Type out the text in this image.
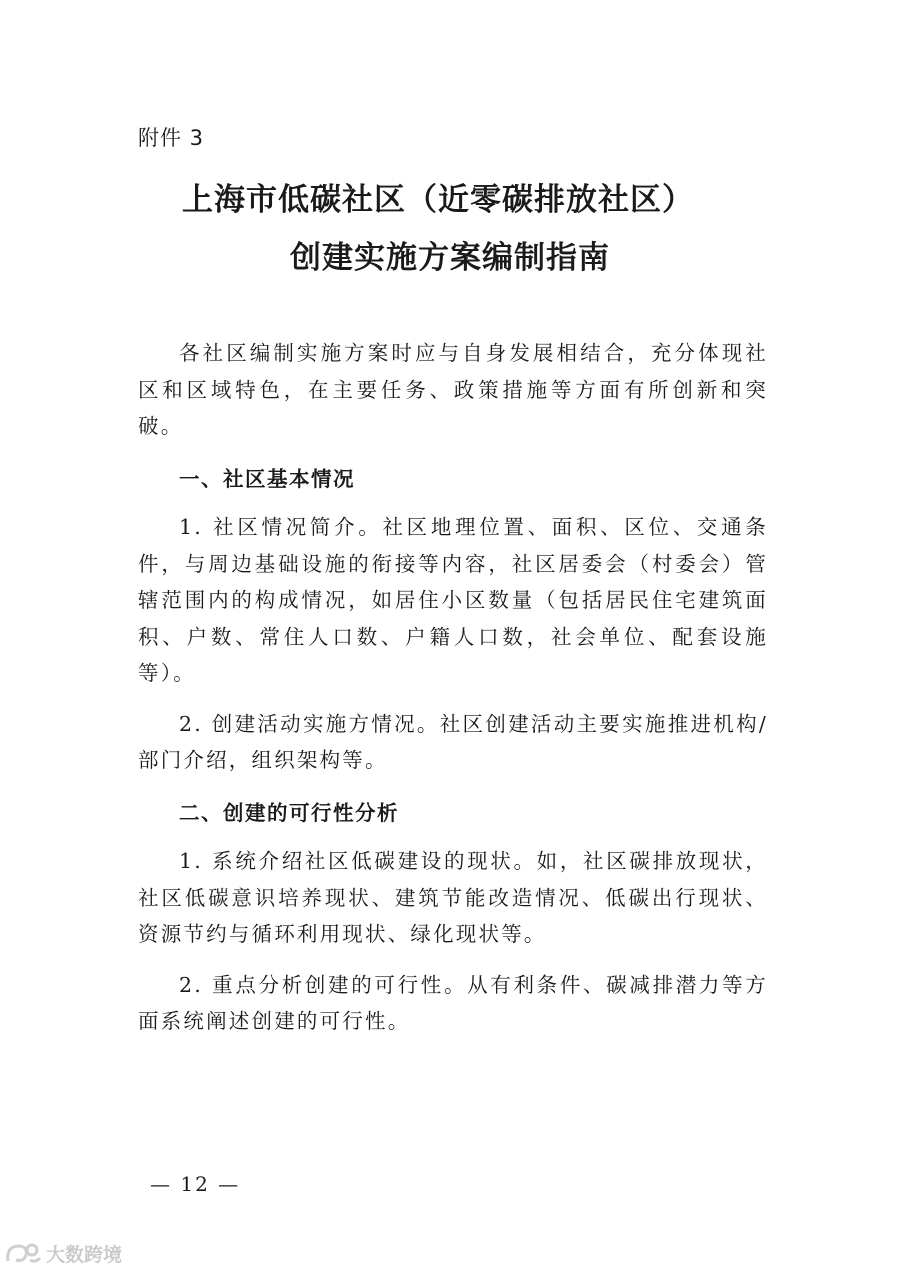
附件 3
上海市低碳社区（近零碳排放社区）
创建实施方案编制指南

各社区编制实施方案时应与自身发展相结合，充分体现社区和区域特色，在主要任务、政策措施等方面有所创新和突破。

一、社区基本情况

1. 社区情况简介。社区地理位置、面积、区位、交通条件，与周边基础设施的衔接等内容，社区居委会（村委会）管辖范围内的构成情况，如居住小区数量（包括居民住宅建筑面积、户数、常住人口数、户籍人口数，社会单位、配套设施等）。

2. 创建活动实施方情况。社区创建活动主要实施推进机构/部门介绍，组织架构等。

二、创建的可行性分析

1. 系统介绍社区低碳建设的现状。如，社区碳排放现状，社区低碳意识培养现状、建筑节能改造情况、低碳出行现状、资源节约与循环利用现状、绿化现状等。

2. 重点分析创建的可行性。从有利条件、碳减排潜力等方面系统阐述创建的可行性。

— 12 —
大数跨境
